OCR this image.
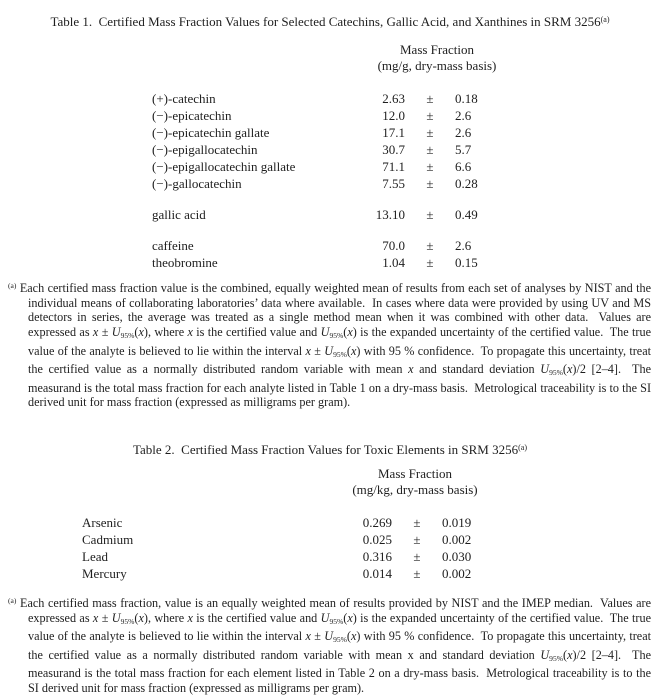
Table 1.  Certified Mass Fraction Values for Selected Catechins, Gallic Acid, and Xanthines in SRM 3256$^{(a)}$
Mass Fraction
(mg/g, dry-mass basis)
(+)-catechin	2.63	±	0.18
(−)-epicatechin	12.0	±	2.6
(−)-epicatechin gallate	17.1	±	2.6
(−)-epigallocatechin	30.7	±	5.7
(−)-epigallocatechin gallate	71.1	±	6.6
(−)-gallocatechin	7.55	±	0.28
gallic acid	13.10	±	0.49
caffeine	70.0	±	2.6
theobromine	1.04	±	0.15
$^{(a)}$ Each certified mass fraction value is the combined, equally weighted mean of results from each set of analyses by NIST and the individual means of collaborating laboratories’ data where available.  In cases where data were provided by using UV and MS detectors in series, the average was treated as a single method mean when it was combined with other data.  Values are expressed as $x \pm U_{95\%}(x)$, where x is the certified value and $U_{95\%}(x)$ is the expanded uncertainty of the certified value.  The true value of the analyte is believed to lie within the interval $x \pm U_{95\%}(x)$ with 95 % confidence.  To propagate this uncertainty, treat the certified value as a normally distributed random variable with mean x and standard deviation $U_{95\%}(x)/2$ [2–4].  The measurand is the total mass fraction for each analyte listed in Table 1 on a dry-mass basis.  Metrological traceability is to the SI derived unit for mass fraction (expressed as milligrams per gram).
Table 2.  Certified Mass Fraction Values for Toxic Elements in SRM 3256$^{(a)}$
Mass Fraction
(mg/kg, dry-mass basis)
Arsenic	0.269	±	0.019
Cadmium	0.025	±	0.002
Lead	0.316	±	0.030
Mercury	0.014	±	0.002
$^{(a)}$ Each certified mass fraction, value is an equally weighted mean of results provided by NIST and the IMEP median.  Values are expressed as $x \pm U_{95\%}(x)$, where x is the certified value and $U_{95\%}(x)$ is the expanded uncertainty of the certified value.  The true value of the analyte is believed to lie within the interval $x \pm U_{95\%}(x)$ with 95 % confidence.  To propagate this uncertainty, treat the certified value as a normally distributed random variable with mean x and standard deviation $U_{95\%}(x)/2$ [2–4].  The measurand is the total mass fraction for each element listed in Table 2 on a dry-mass basis.  Metrological traceability is to the SI derived unit for mass fraction (expressed as milligrams per gram).
